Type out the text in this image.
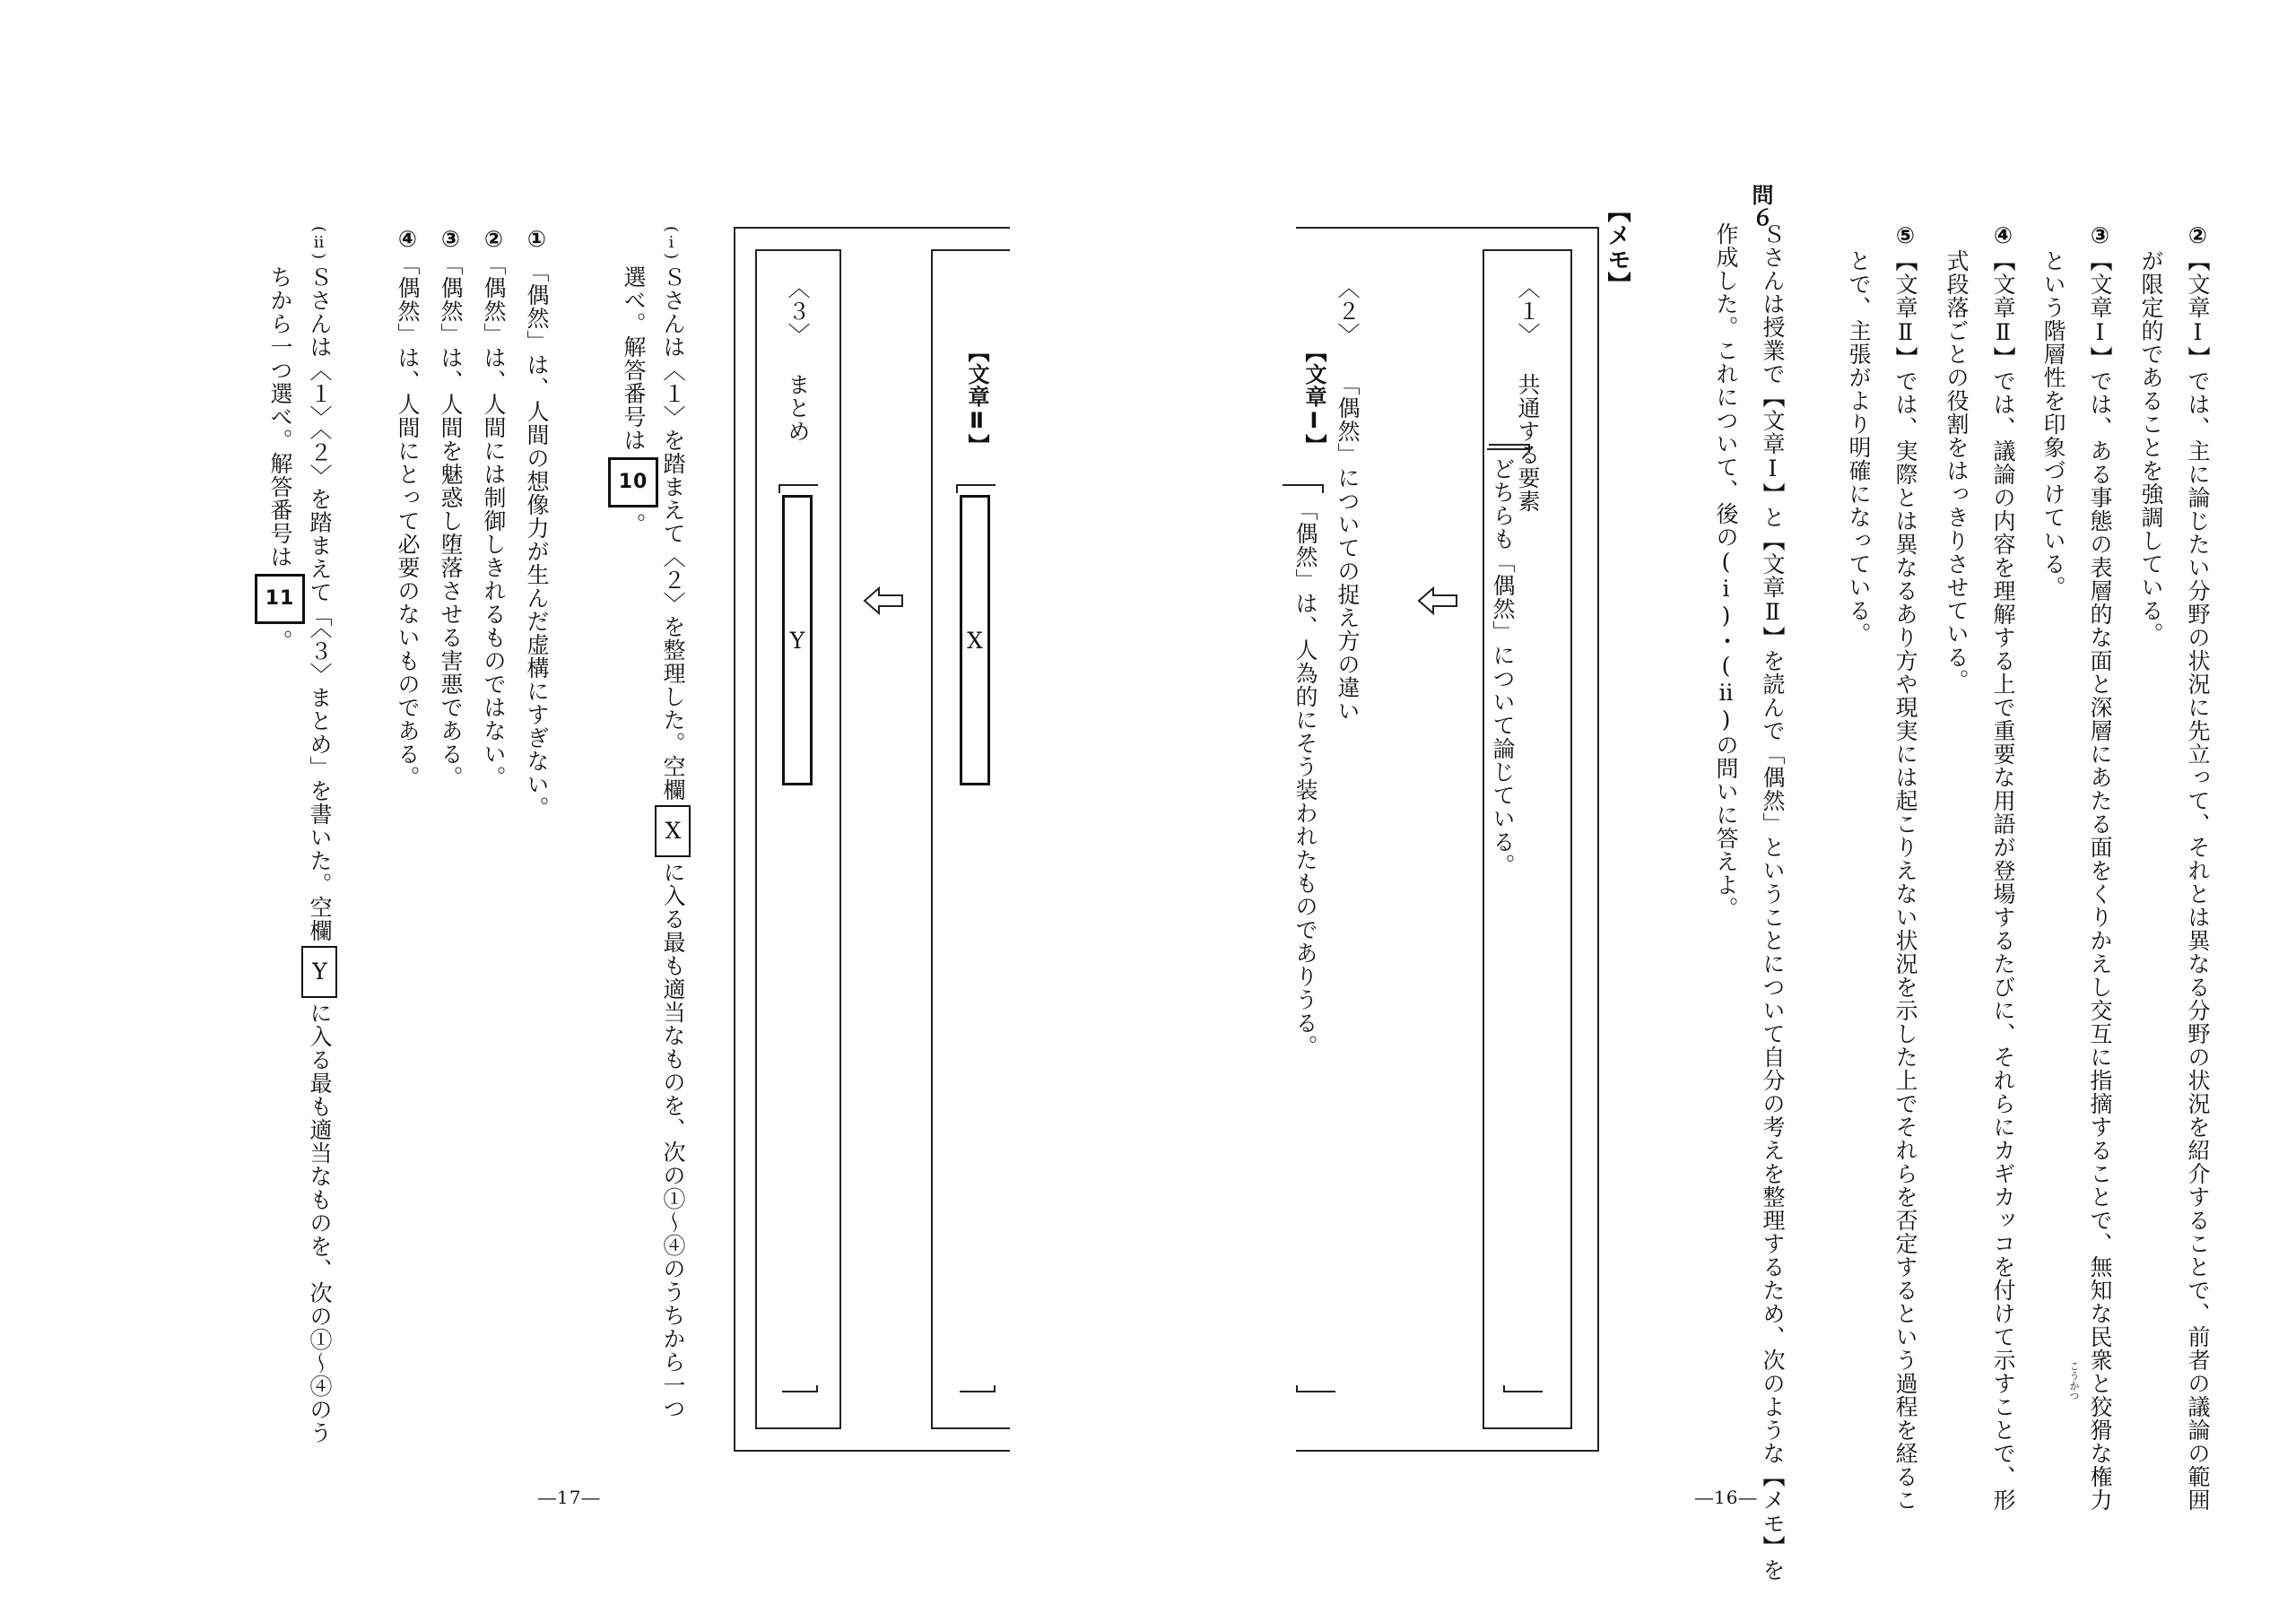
②【文章Ⅰ】では、主に論じたい分野の状況に先立って、それとは異なる分野の状況を紹介することで、前者の議論の範囲
が限定的であることを強調している。
③【文章Ⅰ】では、ある事態の表層的な面と深層にあたる面をくりかえし交互に指摘することで、無知な民衆と狡猾な権力
という階層性を印象づけている。
こうかつ
④【文章Ⅱ】では、議論の内容を理解する上で重要な用語が登場するたびに、それらにカギカッコを付けて示すことで、形
式段落ごとの役割をはっきりさせている。
⑤【文章Ⅱ】では、実際とは異なるあり方や現実には起こりえない状況を示した上でそれらを否定するという過程を経るこ
とで、主張がより明確になっている。
問６
Ｓさんは授業で【文章Ⅰ】と【文章Ⅱ】を読んで「偶然」ということについて自分の考えを整理するため、次のような【メモ】を
作成した。これについて、後の(ⅰ)・(ⅱ)の問いに答えよ。
【メモ】
〈１〉 共通する要素
どちらも「偶然」について論じている。
〈２〉 「偶然」についての捉え方の違い
【文章Ⅰ】
「偶然」は、人為的にそう装われたものでありうる。
―16―
【文章Ⅱ】
X
〈３〉 まとめ
Y
(ⅰ)
Ｓさんは〈１〉を踏まえて〈２〉を整理した。空欄Xに入る最も適当なものを、次の①～④のうちから一つ
選べ。解答番号は10。
①「偶然」は、人間の想像力が生んだ虚構にすぎない。
②「偶然」は、人間には制御しきれるものではない。
③「偶然」は、人間を魅惑し堕落させる害悪である。
④「偶然」は、人間にとって必要のないものである。
(ⅱ)
Ｓさんは〈１〉〈２〉を踏まえて「〈３〉まとめ」を書いた。空欄Yに入る最も適当なものを、次の①～④のう
ちから一つ選べ。解答番号は11。
―17―
